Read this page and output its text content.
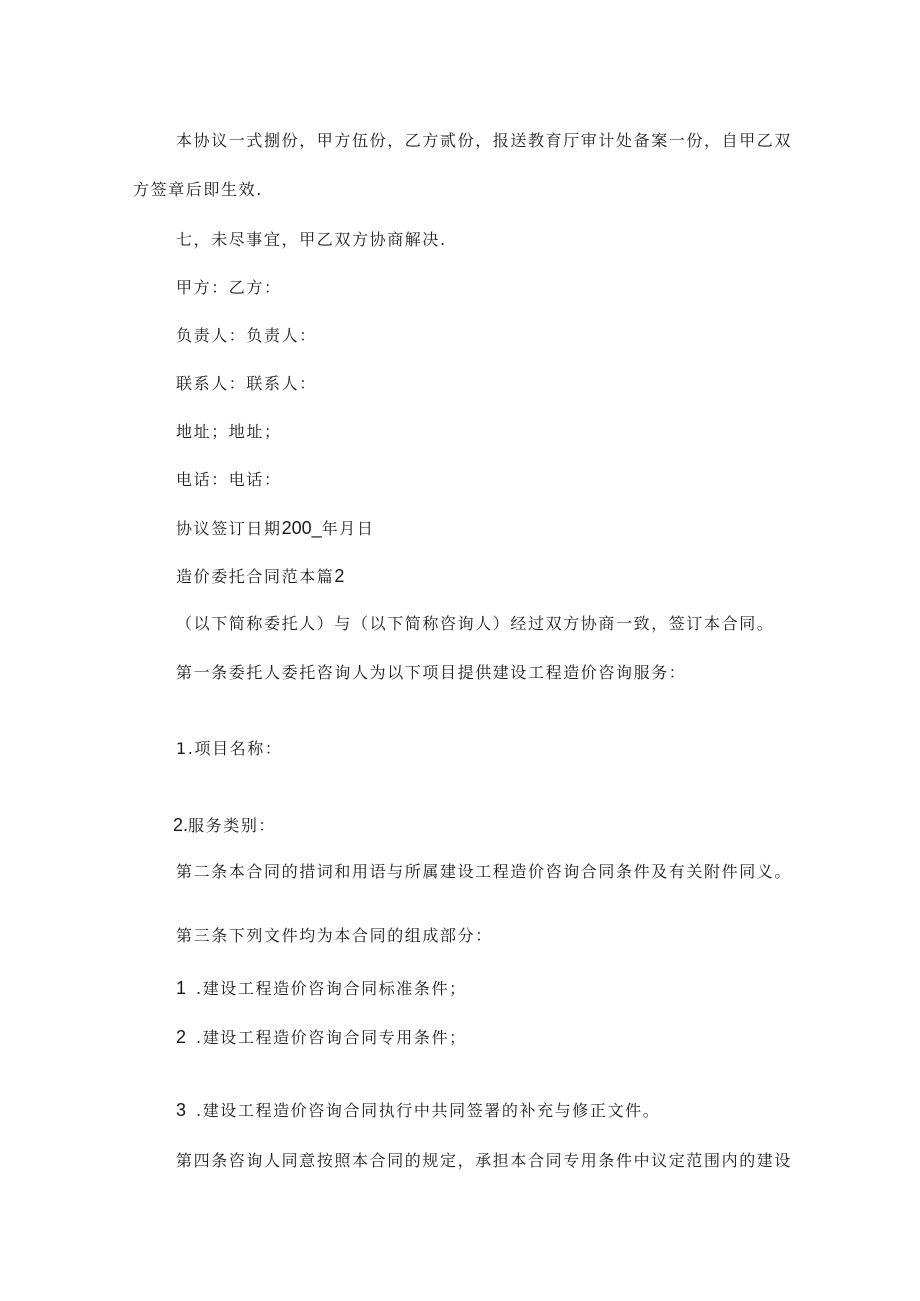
本协议一式捌份，甲方伍份，乙方贰份，报送教育厅审计处备案一份，自甲乙双
方签章后即生效.
七，未尽事宜，甲乙双方协商解决.
甲方：乙方：
负责人：负责人：
联系人：联系人：
地址；地址；
电话：电话：
协议签订日期200_年月日
造价委托合同范本篇2
（以下简称委托人）与（以下简称咨询人）经过双方协商一致，签订本合同。
第一条委托人委托咨询人为以下项目提供建设工程造价咨询服务：
1.项目名称：
2.服务类别：
第二条本合同的措词和用语与所属建设工程造价咨询合同条件及有关附件同义。
第三条下列文件均为本合同的组成部分：
1 .建设工程造价咨询合同标准条件；
2 .建设工程造价咨询合同专用条件；
3 .建设工程造价咨询合同执行中共同签署的补充与修正文件。
第四条咨询人同意按照本合同的规定，承担本合同专用条件中议定范围内的建设
